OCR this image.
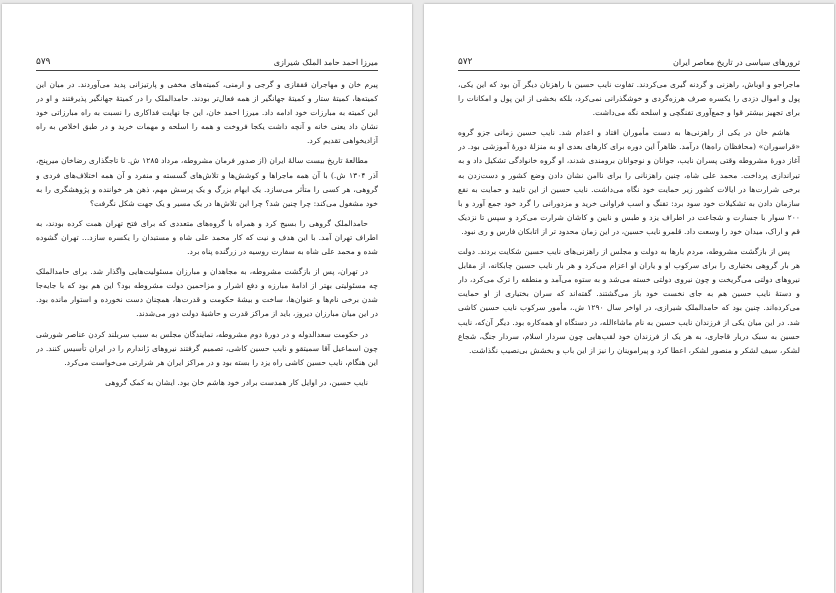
۵۷۹	میرزا احمد حامد الملک شیرازی

پیرم خان و مهاجران قفقازی و گرجی و ارمنی، کمیته‌های مخفی و پارتیزانی پدید می‌آوردند. در میان این کمیته‌ها، کمیتهٔ ستار و کمیتهٔ جهانگیر از همه فعال‌تر بودند. حامدالملک را در کمیتهٔ جهانگیر پذیرفتند و او در این کمیته به مبارزات خود ادامه داد. میرزا احمد خان، این جا نهایت فداکاری را نسبت به راه مبارزاتی خود نشان داد یعنی خانه و آنچه داشت یکجا فروخت و همه را اسلحه و مهمات خرید و در طبق اخلاص به راه آزادیخواهی تقدیم کرد.

مطالعهٔ تاریخ بیست سالهٔ ایران (از صدور فرمان مشروطه، مرداد ۱۲۸۵ ش. تا تاجگذاری رضاخان میرپنج، آذر ۱۳۰۴ ش.) با آن همه ماجراها و کوشش‌ها و تلاش‌های گسسته و منفرد و آن همه اختلاف‌های فردی و گروهی، هر کسی را متأثر می‌سازد. یک ابهام بزرگ و یک پرسش مهم، ذهن هر خواننده و پژوهشگری را به خود مشغول می‌کند: چرا چنین شد؟ چرا این تلاش‌ها در یک مسیر و یک جهت شکل نگرفت؟

حامدالملک گروهی را بسیج کرد و همراه با گروه‌های متعددی که برای فتح تهران همت کرده بودند، به اطراف تهران آمد. با این هدف و نیت که کار محمد علی شاه و مستبدان را یکسره سازد... تهران گشوده شده و محمد علی شاه به سفارت روسیه در زرگنده پناه برد.

در تهران، پس از بازگشت مشروطه، به مجاهدان و مبارزان مسئولیت‌هایی واگذار شد. برای حامدالملک چه مسئولیتی بهتر از ادامهٔ مبارزه و دفع اشرار و مزاحمین دولت مشروطه بود؟ این هم بود که با جایه‌جا شدن برخی نام‌ها و عنوان‌ها، ساخت و بیشهٔ حکومت و قدرت‌ها، همچنان دست نخورده و استوار مانده بود. در این میان مبارزان دیروز، باید از مراکز قدرت و حاشیهٔ دولت دور می‌شدند.

در حکومت سعدالدوله و در دورهٔ دوم مشروطه، نمایندگان مجلس به سبب سربلند کردن عناصر شورشی چون اسماعیل آقا سمیتقو و نایب حسین کاشی، تصمیم گرفتند نیروهای ژاندارم را در ایران تأسیس کنند. در این هنگام، نایب حسین کاشی راه یزد را بسته بود و در مراکز ایران هر شرارتی می‌خواست می‌کرد.

نایب حسین، در اوایل کار همدست برادر خود هاشم خان بود. ایشان به کمک گروهی

۵۷۲	ترورهای سیاسی در تاریخ معاصر ایران

ماجراجو و اوباش، راهزنی و گردنه گیری می‌کردند. تفاوت نایب حسین با راهزنان دیگر آن بود که این یکی، پول و اموال دزدی را یکسره صرف هرزه‌گردی و خوشگذرانی نمی‌کرد، بلکه بخشی از این پول و امکانات را برای تجهیز بیشتر قوا و جمع‌آوری تفنگچی و اسلحه نگه می‌داشت.

هاشم خان در یکی از راهزنی‌ها به دست مأموران افتاد و اعدام شد. نایب حسین زمانی جزو گروه «قراسوران» (محافظان راه‌ها) درآمد. ظاهراً این دوره برای کارهای بعدی او به منزلهٔ دورهٔ آموزشی بود. در آغاز دورهٔ مشروطه وقتی پسران نایب، جوانان و نوجوانان برومندی شدند، او گروه خانوادگی تشکیل داد و به تیراندازی پرداخت. محمد علی شاه، چنین راهزنانی را برای ناامن نشان دادن وضع کشور و دست‌زدن به برخی شرارت‌ها در ایالات کشور زیر حمایت خود نگاه می‌داشت. نایب حسین از این تایید و حمایت به نفع سازمان دادن به تشکیلات خود سود برد: تفنگ و اسب فراوانی خرید و مزدورانی را گرد خود جمع آورد و با ۲۰۰ سوار با جسارت و شجاعت در اطراف یزد و طبس و نایین و کاشان شرارت می‌کرد و سپس تا نزدیک قم و اراک، میدان خود را وسعت داد. قلمرو نایب حسین، در این زمان محدود تر از اتابکان فارس و ری نبود.

پس از بازگشت مشروطه، مردم بارها به دولت و مجلس از راهزنی‌های نایب حسین شکایت بردند. دولت هر بار گروهی بختیاری را برای سرکوب او و یاران او اعزام می‌کرد و هر بار نایب حسین چابکانه، از مقابل نیروهای دولتی می‌گریخت و چون نیروی دولتی خسته می‌شد و به ستوه می‌آمد و منطقه را ترک می‌کرد، دار و دستهٔ نایب حسین هم به جای نخست خود باز می‌گشتند. گفته‌اند که سران بختیاری از او حمایت می‌کرده‌اند. چنین بود که حامدالملک شیرازی، در اواخر سال ۱۲۹۰ ش.، مأمور سرکوب نایب حسین کاشی شد. در این میان یکی از فرزندان نایب حسین به نام ماشاءالله، در دستگاه او همه‌کاره بود. دیگر آن‌که، نایب حسین به سبک دربار قاجاری، به هر یک از فرزندان خود لقب‌هایی چون سردار اسلام، سردار جنگ، شجاع لشکر، سیف لشکر و منصور لشکر، اعطا کرد و پیراموینان را نیز از این باب و بخشش بی‌نصیب نگذاشت.
